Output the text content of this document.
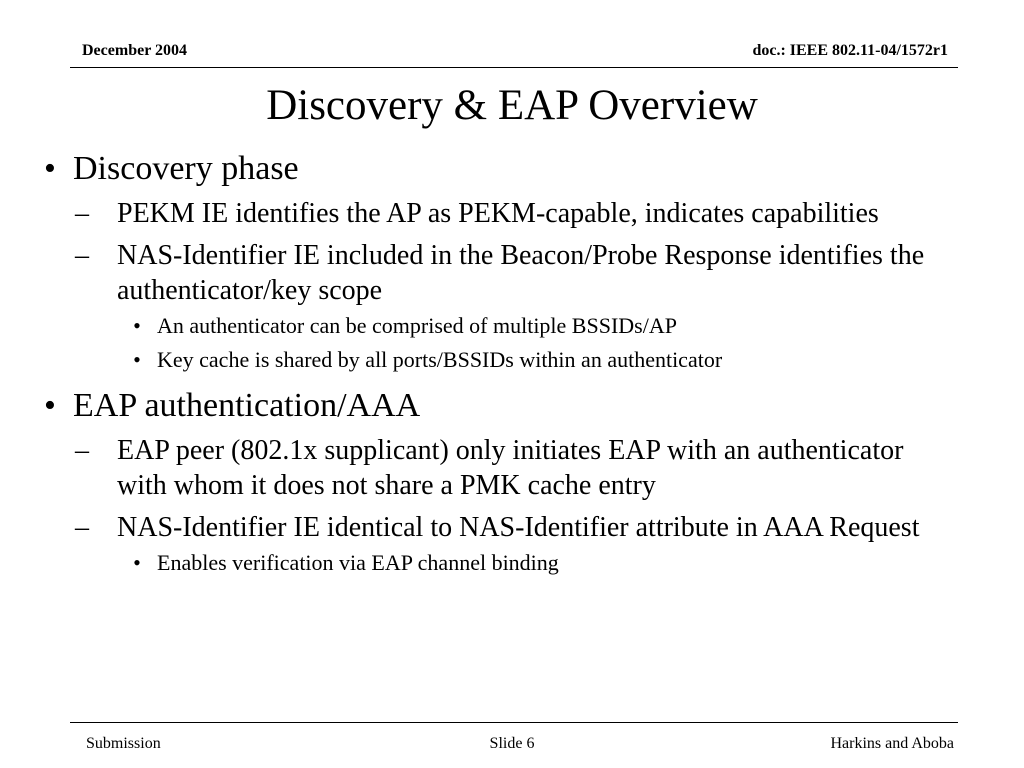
December 2004	doc.: IEEE 802.11-04/1572r1
Discovery & EAP Overview
• Discovery phase
–	PEKM IE identifies the AP as PEKM-capable, indicates capabilities
–	NAS-Identifier IE included in the Beacon/Probe Response identifies the authenticator/key scope
• An authenticator can be comprised of multiple BSSIDs/AP
• Key cache is shared by all ports/BSSIDs within an authenticator
• EAP authentication/AAA
–	EAP peer (802.1x supplicant) only initiates EAP with an authenticator with whom it does not share a PMK cache entry
–	NAS-Identifier IE identical to NAS-Identifier attribute in AAA Request
• Enables verification via EAP channel binding
Submission	Slide 6	Harkins and Aboba
